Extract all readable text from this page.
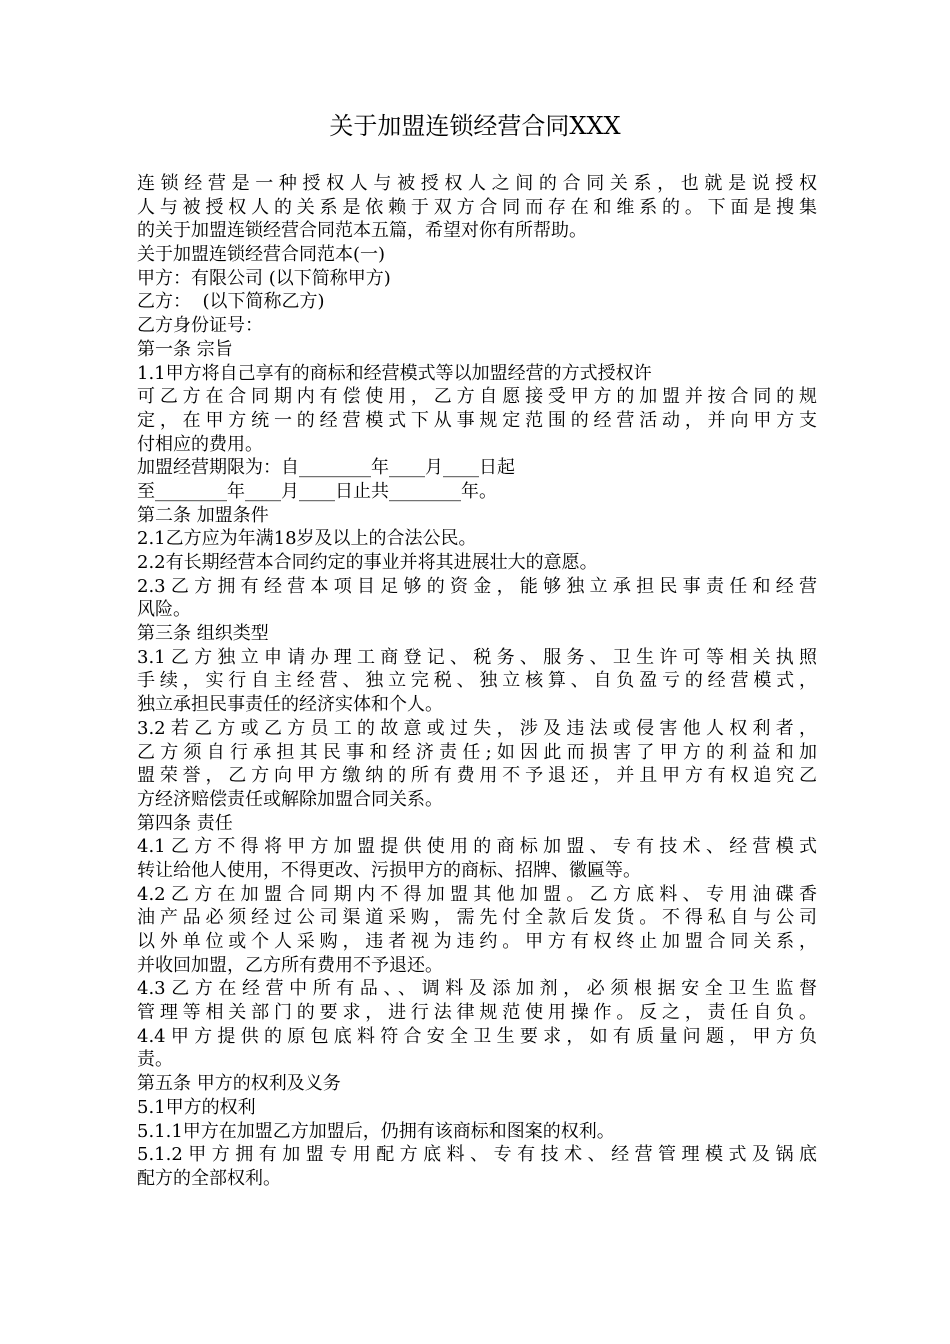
关于加盟连锁经营合同XXX
连锁经营是一种授权人与被授权人之间的合同关系，也就是说授权
人与被授权人的关系是依赖于双方合同而存在和维系的。下面是搜集
的关于加盟连锁经营合同范本五篇，希望对你有所帮助。
关于加盟连锁经营合同范本(一)
甲方：有限公司 (以下简称甲方)
乙方：  (以下简称乙方)
乙方身份证号：
第一条 宗旨
1.1甲方将自己享有的商标和经营模式等以加盟经营的方式授权许
可乙方在合同期内有偿使用，乙方自愿接受甲方的加盟并按合同的规
定，在甲方统一的经营模式下从事规定范围的经营活动，并向甲方支
付相应的费用。
加盟经营期限为：自________年____月____日起
至________年____月____日止共________年。
第二条 加盟条件
2.1乙方应为年满18岁及以上的合法公民。
2.2有长期经营本合同约定的事业并将其进展壮大的意愿。
2.3乙方拥有经营本项目足够的资金，能够独立承担民事责任和经营
风险。
第三条 组织类型
3.1乙方独立申请办理工商登记、税务、服务、卫生许可等相关执照
手续，实行自主经营、独立完税、独立核算、自负盈亏的经营模式，
独立承担民事责任的经济实体和个人。
3.2若乙方或乙方员工的故意或过失，涉及违法或侵害他人权利者，
乙方须自行承担其民事和经济责任;如因此而损害了甲方的利益和加
盟荣誉，乙方向甲方缴纳的所有费用不予退还，并且甲方有权追究乙
方经济赔偿责任或解除加盟合同关系。
第四条 责任
4.1乙方不得将甲方加盟提供使用的商标加盟、专有技术、经营模式
转让给他人使用，不得更改、污损甲方的商标、招牌、徽匾等。
4.2乙方在加盟合同期内不得加盟其他加盟。乙方底料、专用油碟香
油产品必须经过公司渠道采购，需先付全款后发货。不得私自与公司
以外单位或个人采购，违者视为违约。甲方有权终止加盟合同关系，
并收回加盟，乙方所有费用不予退还。
4.3乙方在经营中所有品、、调料及添加剂，必须根据安全卫生监督
管理等相关部门的要求，进行法律规范使用操作。反之，责任自负。
4.4甲方提供的原包底料符合安全卫生要求，如有质量问题，甲方负
责。
第五条 甲方的权利及义务
5.1甲方的权利
5.1.1甲方在加盟乙方加盟后，仍拥有该商标和图案的权利。
5.1.2甲方拥有加盟专用配方底料、专有技术、经营管理模式及锅底
配方的全部权利。
